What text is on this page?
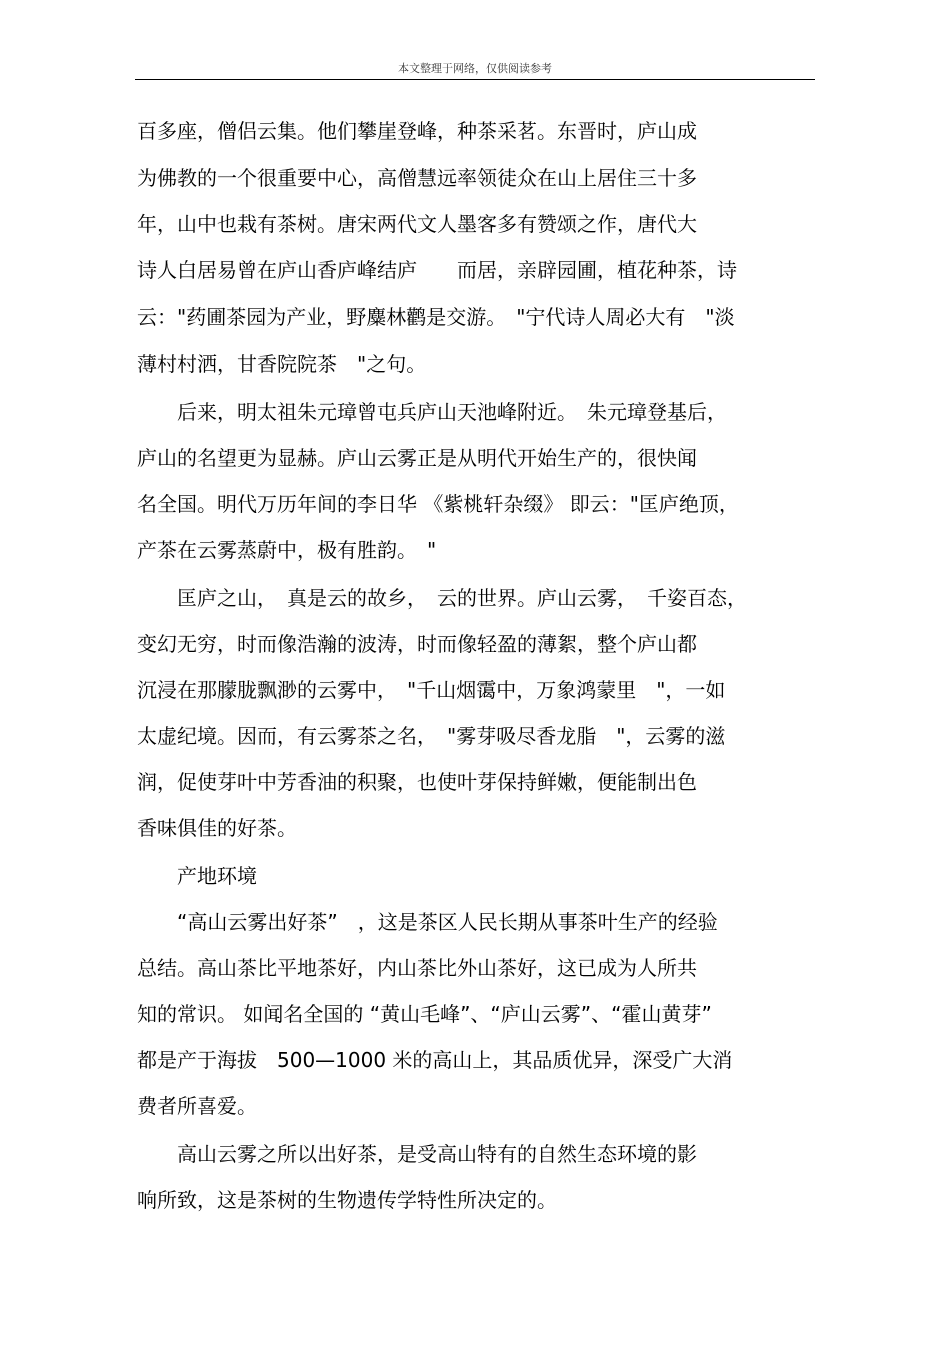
本文整理于网络，仅供阅读参考
百多座，僧侣云集。他们攀崖登峰，种茶采茗。东晋时，庐山成
为佛教的一个很重要中心，高僧慧远率领徒众在山上居住三十多
年，山中也栽有茶树。唐宋两代文人墨客多有赞颂之作，唐代大
诗人白居易曾在庐山香庐峰结庐　　而居，亲辟园圃，植花种茶，诗
云："药圃茶园为产业，野麋林鹳是交游。　"宁代诗人周必大有　"淡
薄村村洒，甘香院院茶　"之句。
　　后来，明太祖朱元璋曾屯兵庐山天池峰附近。　朱元璋登基后，
庐山的名望更为显赫。庐山云雾正是从明代开始生产的，很快闻
名全国。明代万历年间的李日华 《紫桃轩杂缀》 即云："匡庐绝顶，
产茶在云雾蒸蔚中，极有胜韵。　"
　　匡庐之山，　真是云的故乡，　云的世界。庐山云雾，　千姿百态，
变幻无穷，时而像浩瀚的波涛，时而像轻盈的薄絮，整个庐山都
沉浸在那朦胧飘渺的云雾中，　"千山烟霭中，万象鸿蒙里　"，一如
太虚纪境。因而，有云雾茶之名，　"雾芽吸尽香龙脂　"，云雾的滋
润，促使芽叶中芳香油的积聚，也使叶芽保持鲜嫩，便能制出色
香味俱佳的好茶。
　　产地环境
　　“高山云雾出好茶”　，这是茶区人民长期从事茶叶生产的经验
总结。高山茶比平地茶好，内山茶比外山茶好，这已成为人所共
知的常识。 如闻名全国的 “黄山毛峰”、“庐山云雾”、“霍山黄芽”
都是产于海拔　500—1000 米的高山上，其品质优异，深受广大消
费者所喜爱。
　　高山云雾之所以出好茶，是受高山特有的自然生态环境的影
响所致，这是茶树的生物遗传学特性所决定的。
